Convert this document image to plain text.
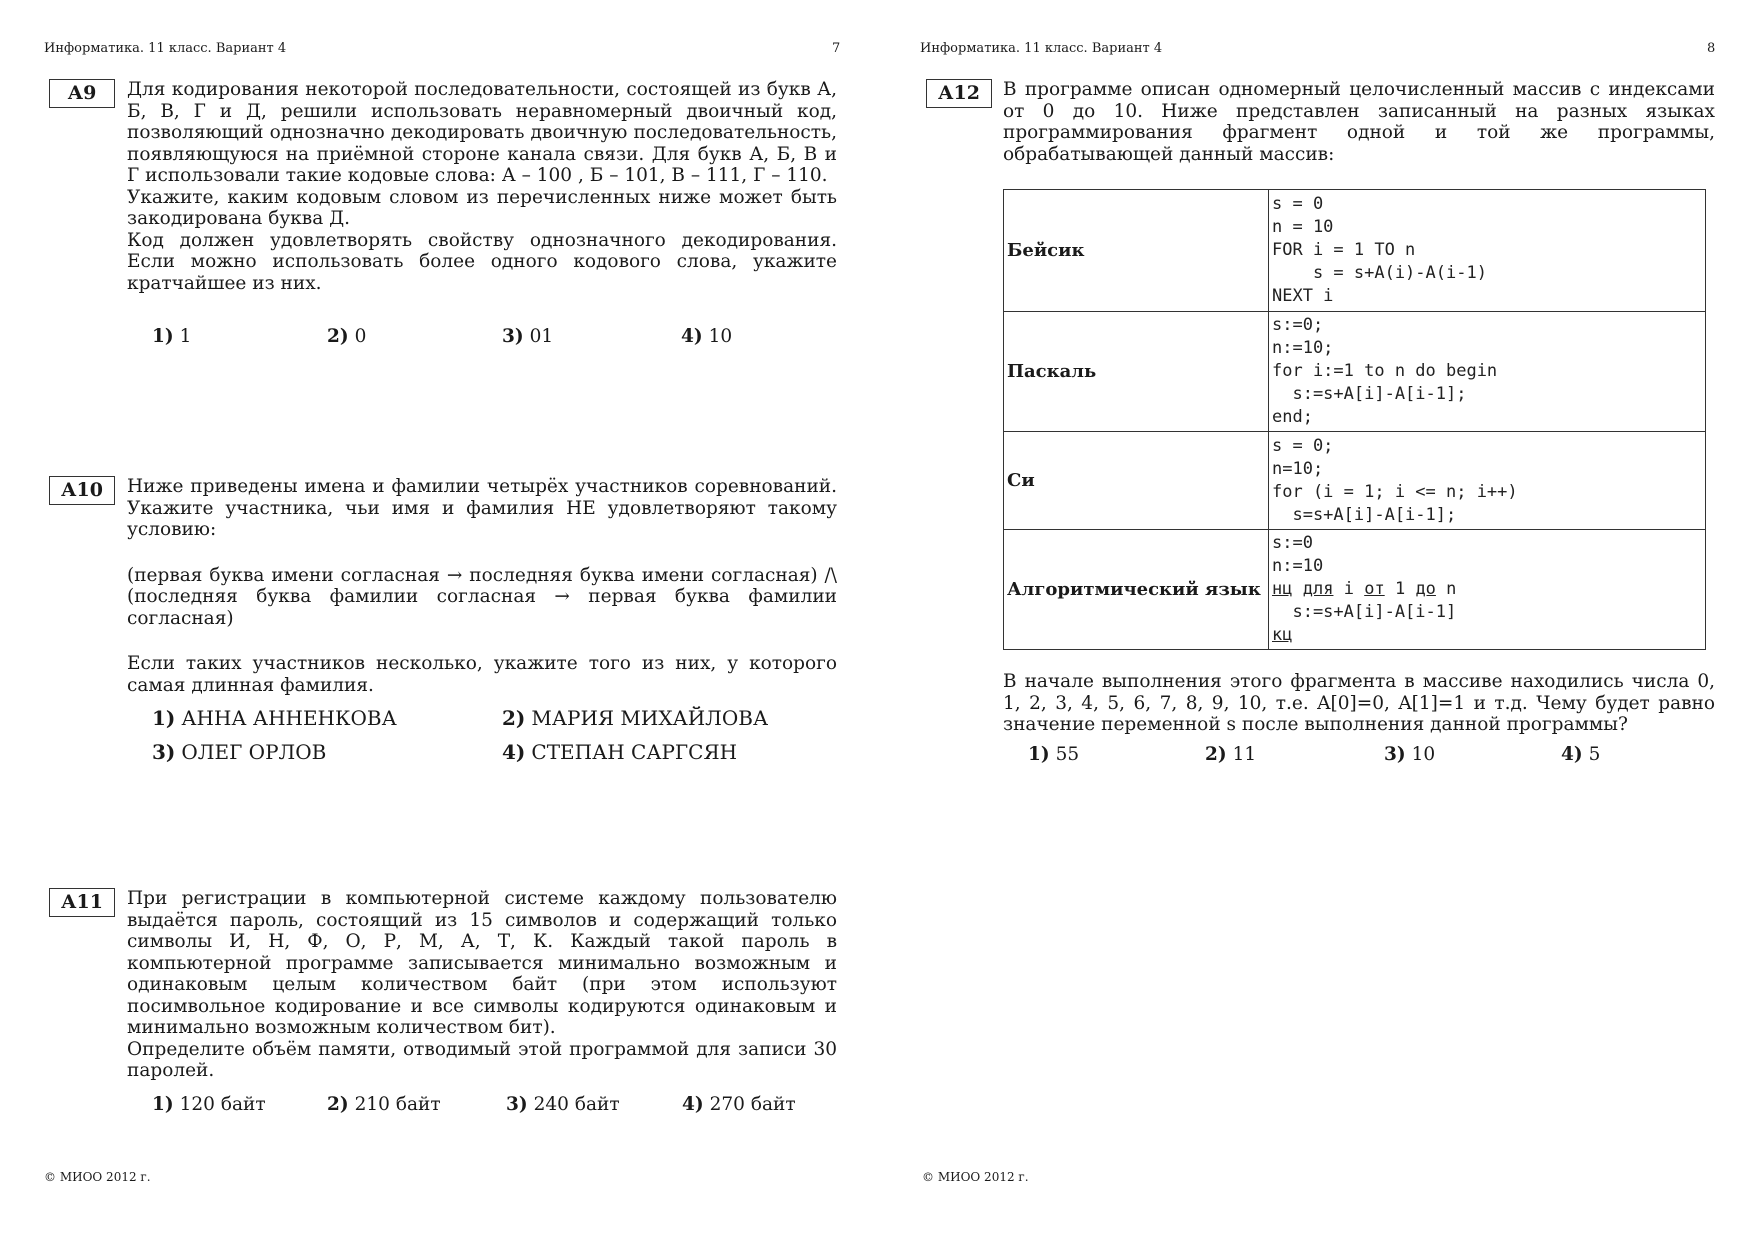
Информатика. 11 класс. Вариант 4	7
А9	Для кодирования некоторой последовательности, состоящей из букв А, Б, В, Г и Д, решили использовать неравномерный двоичный код, позволяющий однозначно декодировать двоичную последовательность, появляющуюся на приёмной стороне канала связи. Для букв А, Б, В и Г использовали такие кодовые слова: А – 100 , Б – 101, В – 111, Г – 110.

Укажите, каким кодовым словом из перечисленных ниже может быть закодирована буква Д.

Код должен удовлетворять свойству однозначного декодирования. Если можно использовать более одного кодового слова, укажите кратчайшее из них.

1) 1	2) 0	3) 01	4) 10
А10	Ниже приведены имена и фамилии четырёх участников соревнований. Укажите участника, чьи имя и фамилия НЕ удовлетворяют такому условию:

(первая буква имени согласная → последняя буква имени согласная) /\ (последняя буква фамилии согласная → первая буква фамилии согласная)

Если таких участников несколько, укажите того из них, у которого самая длинная фамилия.

1) АННА АННЕНКОВА	2) МАРИЯ МИХАЙЛОВА
3) ОЛЕГ ОРЛОВ	4) СТЕПАН САРГСЯН
А11	При регистрации в компьютерной системе каждому пользователю выдаётся пароль, состоящий из 15 символов и содержащий только символы И, Н, Ф, О, Р, М, А, Т, К. Каждый такой пароль в компьютерной программе записывается минимально возможным и одинаковым целым количеством байт (при этом используют посимвольное кодирование и все символы кодируются одинаковым и минимально возможным количеством бит).

Определите объём памяти, отводимый этой программой для записи 30 паролей.

1) 120 байт	2) 210 байт	3) 240 байт	4) 270 байт
© МИОО 2012 г.
Информатика. 11 класс. Вариант 4	8
А12	В программе описан одномерный целочисленный массив с индексами от 0 до 10. Ниже представлен записанный на разных языках программирования фрагмент одной и той же программы, обрабатывающей данный массив:

Бейсик	s = 0
n = 10
FOR i = 1 TO n
s = s+A(i)-A(i-1)
NEXT i

Паскаль	s:=0;
n:=10;
for i:=1 to n do begin
s:=s+A[i]-A[i-1];
end;

Си	s = 0;
n=10;
for (i = 1; i <= n; i++)
s=s+A[i]-A[i-1];

Алгоритмический язык	s:=0
n:=10
нц для i от 1 до n
s:=s+A[i]-A[i-1]
кц

В начале выполнения этого фрагмента в массиве находились числа 0, 1, 2, 3, 4, 5, 6, 7, 8, 9, 10, т.е. A[0]=0, A[1]=1 и т.д. Чему будет равно значение переменной s после выполнения данной программы?

1) 55	2) 11	3) 10	4) 5
© МИОО 2012 г.
